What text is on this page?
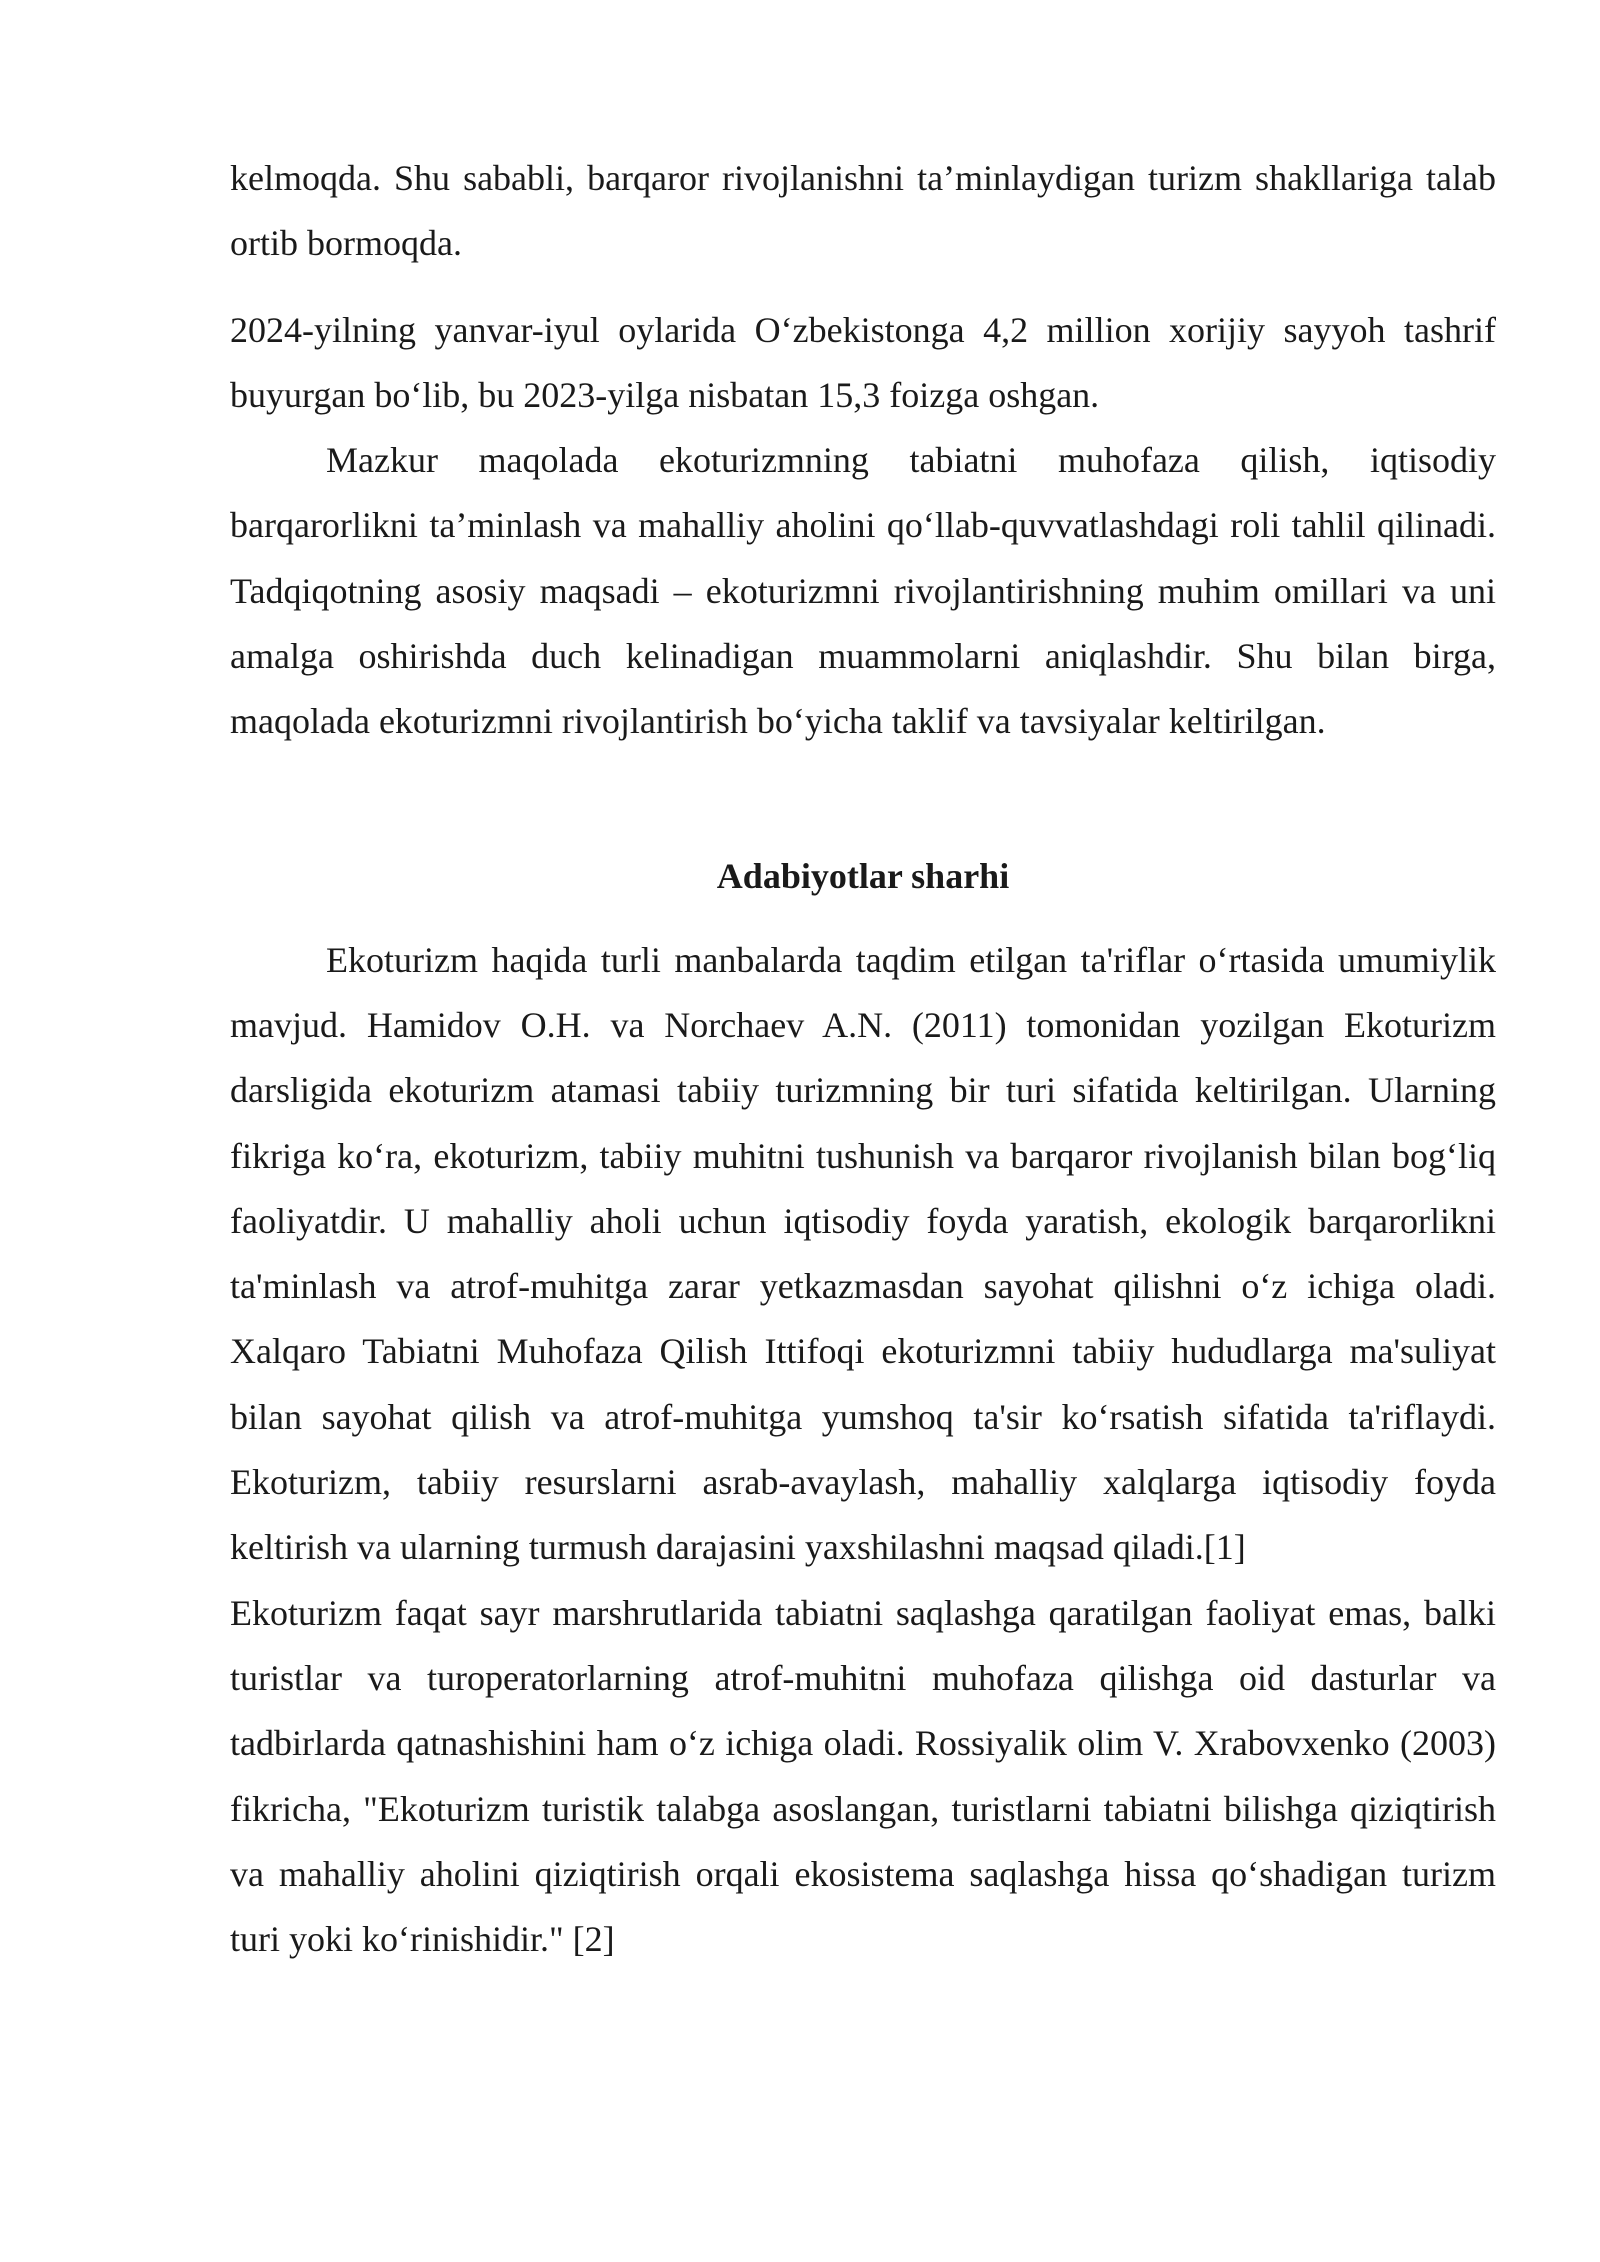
kelmoqda. Shu sababli, barqaror rivojlanishni ta’minlaydigan turizm shakllariga talab ortib bormoqda.

2024-yilning yanvar-iyul oylarida O‘zbekistonga 4,2 million xorijiy sayyoh tashrif buyurgan bo‘lib, bu 2023-yilga nisbatan 15,3 foizga oshgan.

Mazkur maqolada ekoturizmning tabiatni muhofaza qilish, iqtisodiy barqarorlikni ta’minlash va mahalliy aholini qo‘llab-quvvatlashdagi roli tahlil qilinadi. Tadqiqotning asosiy maqsadi – ekoturizmni rivojlantirishning muhim omillari va uni amalga oshirishda duch kelinadigan muammolarni aniqlashdir. Shu bilan birga, maqolada ekoturizmni rivojlantirish bo‘yicha taklif va tavsiyalar keltirilgan.

Adabiyotlar sharhi

Ekoturizm haqida turli manbalarda taqdim etilgan ta'riflar o‘rtasida umumiylik mavjud. Hamidov O.H. va Norchaev A.N. (2011) tomonidan yozilgan Ekoturizm darsligida ekoturizm atamasi tabiiy turizmning bir turi sifatida keltirilgan. Ularning fikriga ko‘ra, ekoturizm, tabiiy muhitni tushunish va barqaror rivojlanish bilan bog‘liq faoliyatdir. U mahalliy aholi uchun iqtisodiy foyda yaratish, ekologik barqarorlikni ta'minlash va atrof-muhitga zarar yetkazmasdan sayohat qilishni o‘z ichiga oladi. Xalqaro Tabiatni Muhofaza Qilish Ittifoqi ekoturizmni tabiiy hududlarga ma'suliyat bilan sayohat qilish va atrof-muhitga yumshoq ta'sir ko‘rsatish sifatida ta'riflaydi. Ekoturizm, tabiiy resurslarni asrab-avaylash, mahalliy xalqlarga iqtisodiy foyda keltirish va ularning turmush darajasini yaxshilashni maqsad qiladi.[1]

Ekoturizm faqat sayr marshrutlarida tabiatni saqlashga qaratilgan faoliyat emas, balki turistlar va turoperatorlarning atrof-muhitni muhofaza qilishga oid dasturlar va tadbirlarda qatnashishini ham o‘z ichiga oladi. Rossiyalik olim V. Xrabovxenko (2003) fikricha, "Ekoturizm turistik talabga asoslangan, turistlarni tabiatni bilishga qiziqtirish va mahalliy aholini qiziqtirish orqali ekosistema saqlashga hissa qo‘shadigan turizm turi yoki ko‘rinishidir." [2]
